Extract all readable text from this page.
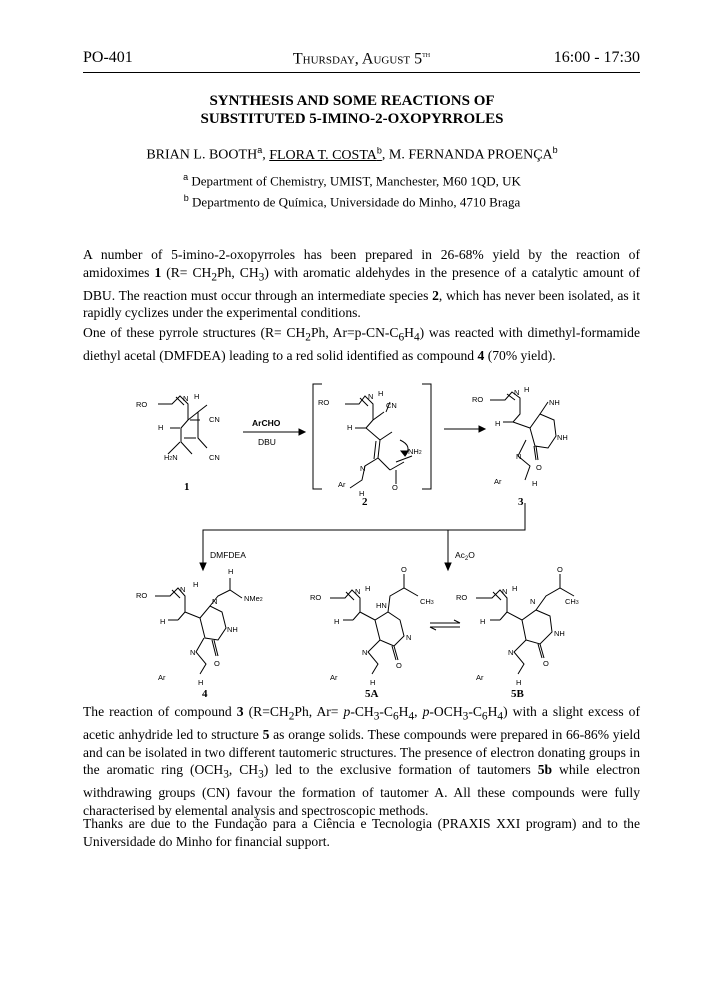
PO-401	Thursday, August 5th	16:00 - 17:30
SYNTHESIS AND SOME REACTIONS OF
SUBSTITUTED 5-IMINO-2-OXOPYRROLES
BRIAN L. BOOTH$^a$, FLORA T. COSTA$^b$, M. FERNANDA PROENÇA$^b$
$^a$ Department of Chemistry, UMIST, Manchester, M60 1QD, UK
$^b$ Departmento de Química, Universidade do Minho, 4710 Braga

A number of 5-imino-2-oxopyrroles has been prepared in 26-68% yield by the reaction of amidoximes 1 ($R= CH_2Ph$, $CH_3$) with aromatic aldehydes in the presence of a catalytic amount of DBU. The reaction must occur through an intermediate species 2, which has never been isolated, as it rapidly cyclizes under the experimental conditions.

One of these pyrrole structures ($R= CH_2Ph$, $Ar=p-CN-C_6H_4$) was reacted with dimethyl-formamide diethyl acetal (DMFDEA) leading to a red solid identified as compound 4 (70% yield).

RO
N H
CN
H
H2N	CN
1
ArCHO
DBU
RO
N H
CN
H
NH2
O
Ar
N
H
2
RO
N H
NH
NH
H
N
O
Ar	H
3
DMFDEA	$Ac_2O$
RO
N
H
H
N	NMe2
H
NH
N
O
Ar
H
4
RO
N H
HN
O
CH3
H
N
N
O
Ar
H
5A
RO
N H
N
O
CH3
H
NH
N
O
Ar
H
5B

The reaction of compound 3 ($R=CH_2Ph$, $Ar= p-CH_3-C_6H_4$, $p-OCH_3-C_6H_4$) with a slight excess of acetic anhydride led to structure 5 as orange solids. These compounds were prepared in 66-86% yield and can be isolated in two different tautomeric structures. The presence of electron donating groups in the aromatic ring ($OCH_3$, $CH_3$) led to the exclusive formation of tautomers 5b while electron withdrawing groups (CN) favour the formation of tautomer A. All these compounds were fully characterised by elemental analysis and spectroscopic methods.

Thanks are due to the Fundação para a Ciência e Tecnologia (PRAXIS XXI program) and to the Universidade do Minho for financial support.
